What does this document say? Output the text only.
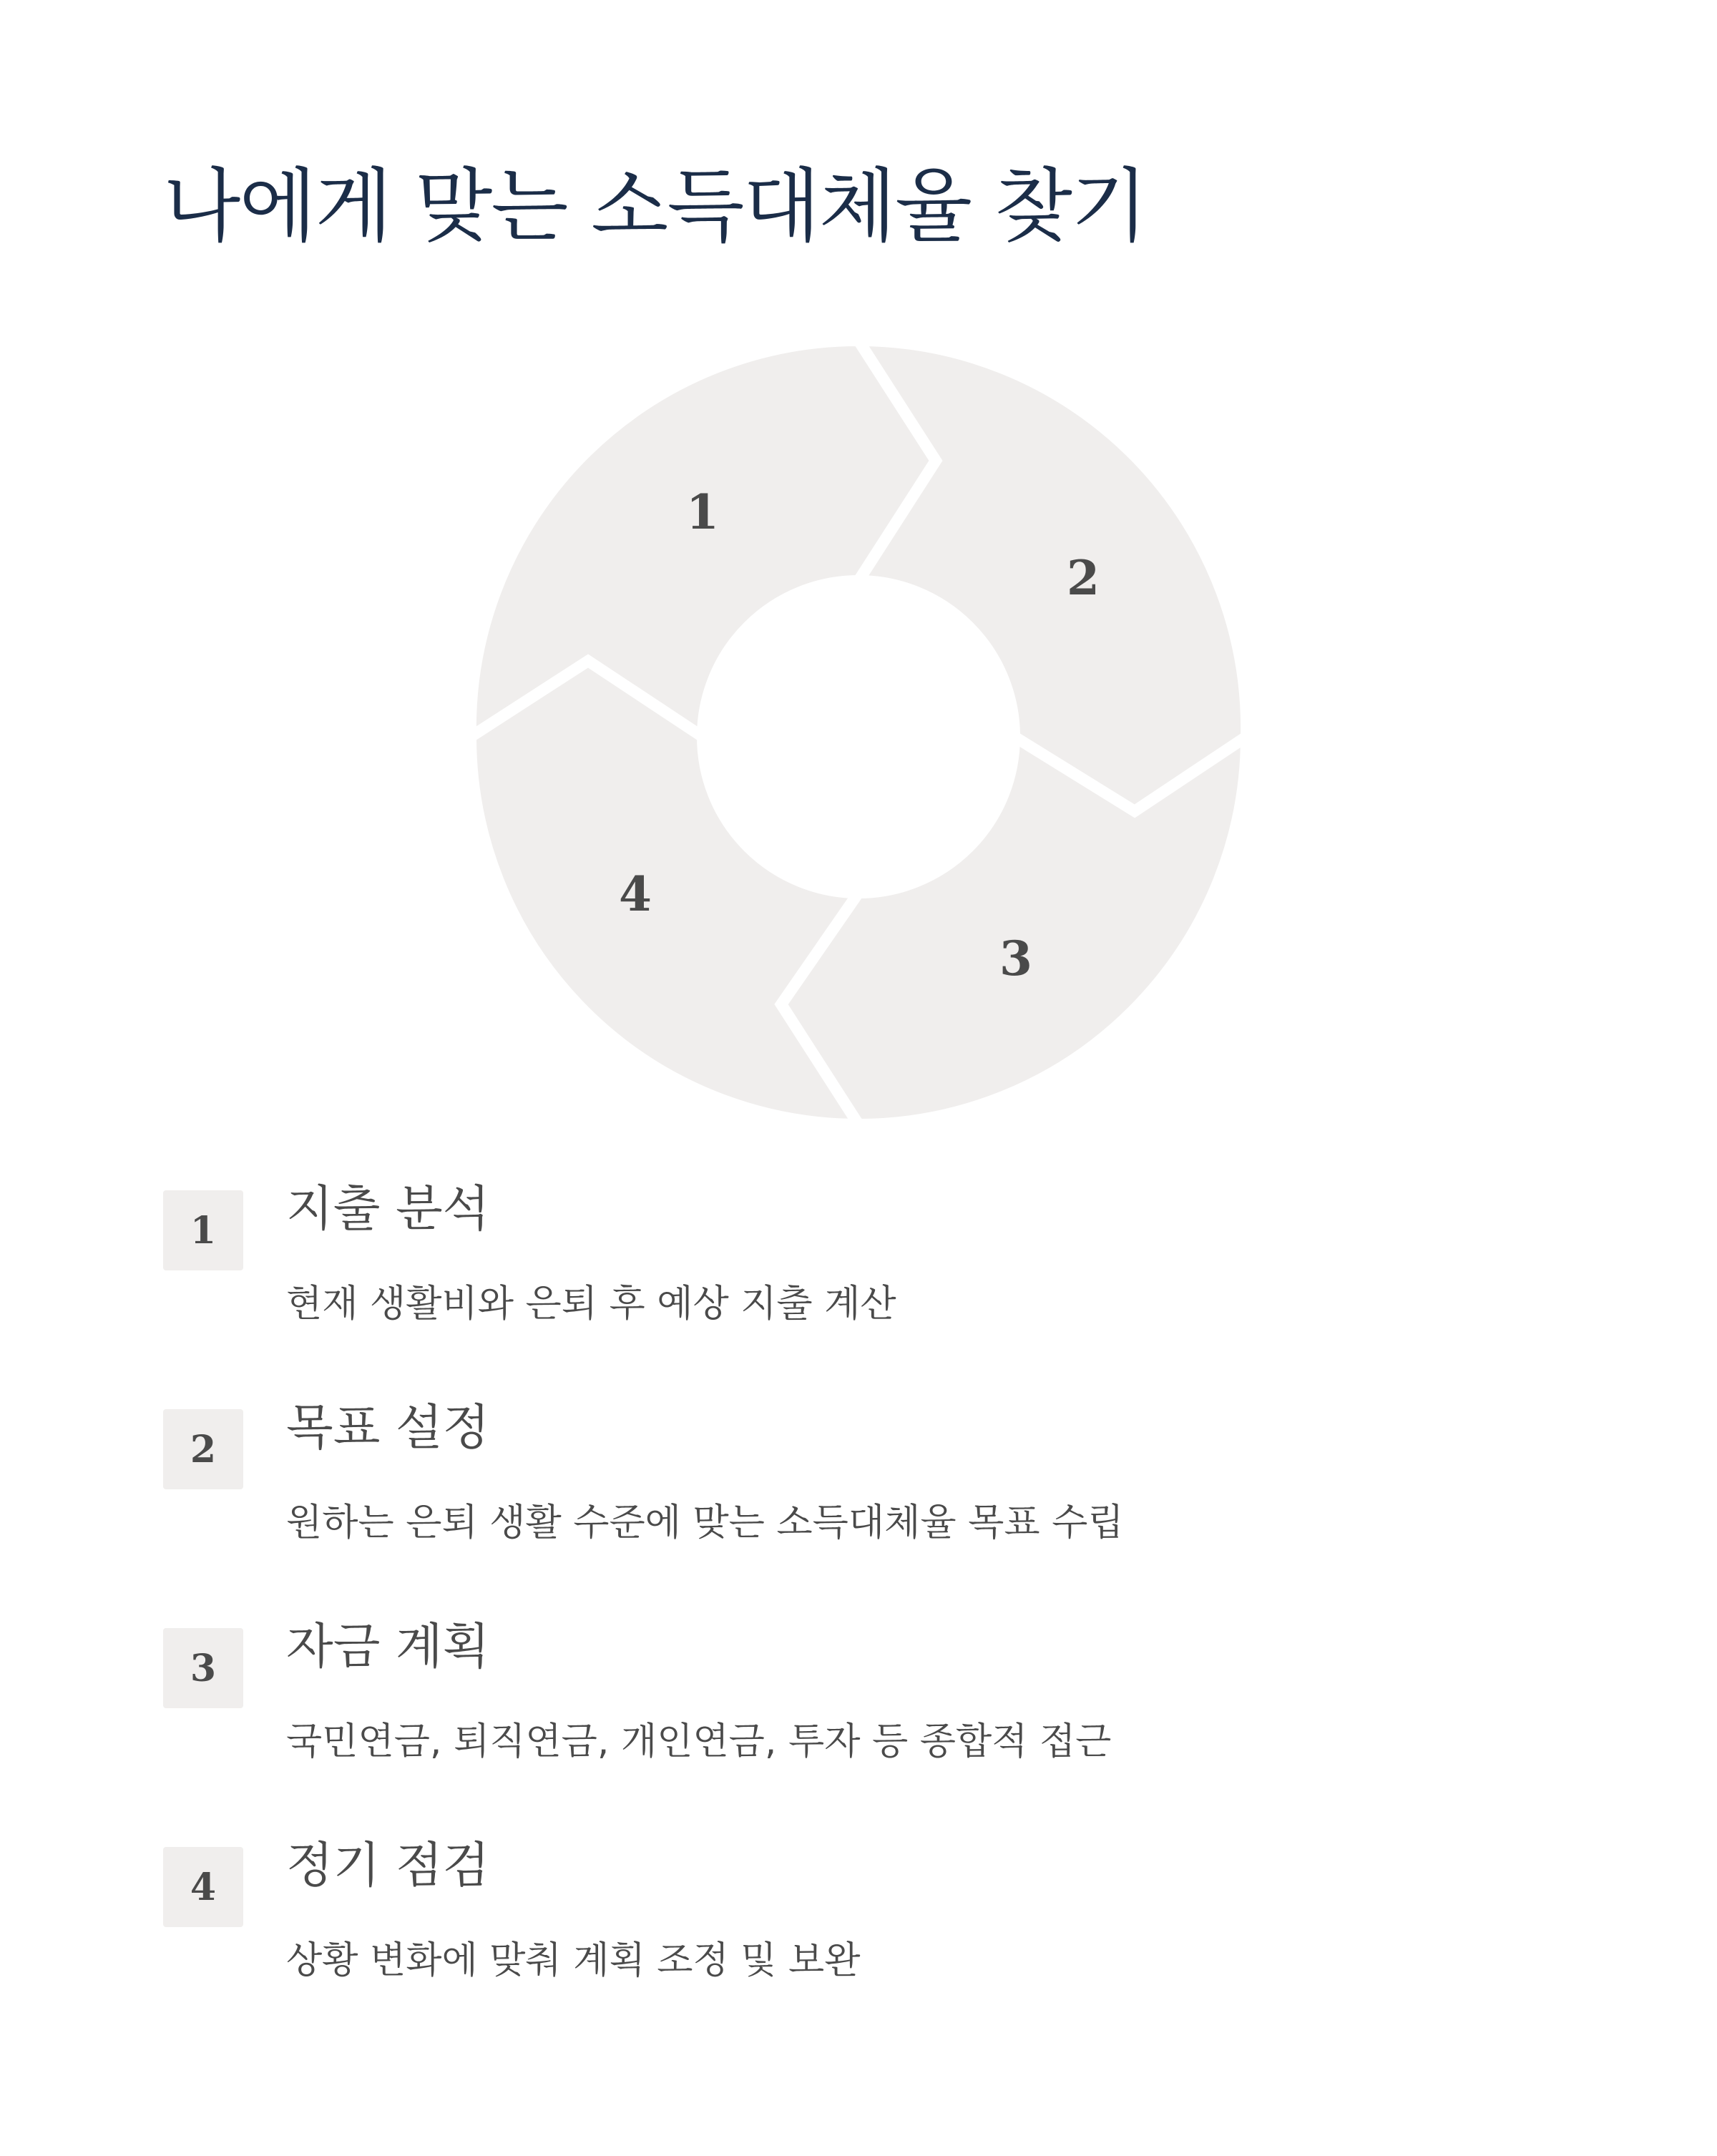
나에게 맞는 소득대체율 찾기
1
2
3
4
1	지출 분석

현재 생활비와 은퇴 후 예상 지출 계산

2	목표 설정

원하는 은퇴 생활 수준에 맞는 소득대체율 목표 수립

3	자금 계획

국민연금, 퇴직연금, 개인연금, 투자 등 종합적 접근

4	정기 점검

상황 변화에 맞춰 계획 조정 및 보완
